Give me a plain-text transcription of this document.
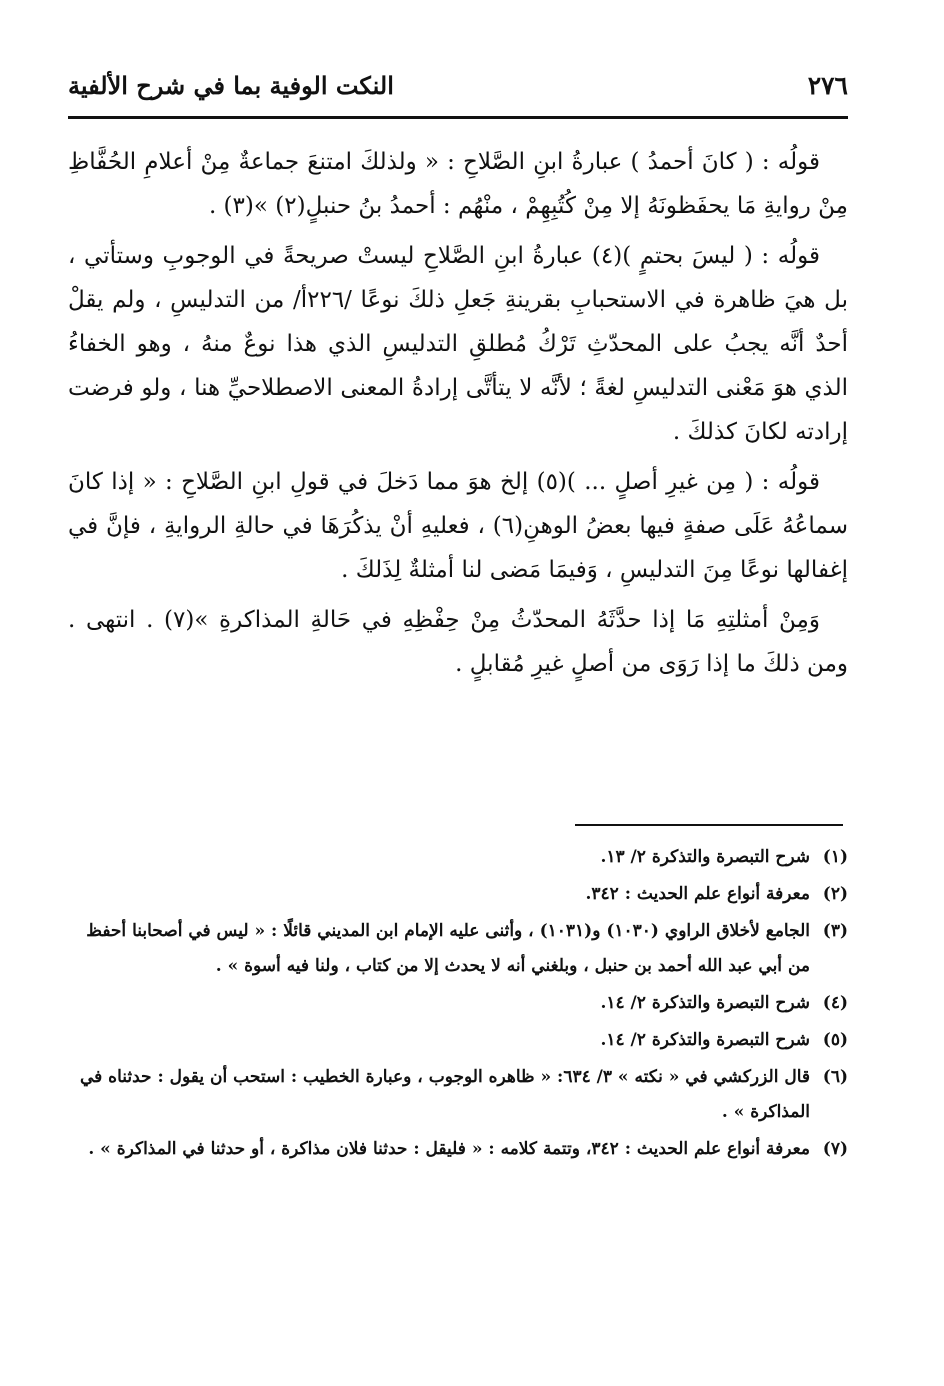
٢٧٦
النكت الوفية بما في شرح الألفية

قولُه : ( كانَ أحمدُ ) عبارةُ ابنِ الصَّلاحِ : « ولذلكَ امتنعَ جماعةٌ مِنْ أعلامِ الحُفَّاظِ مِنْ روايةِ مَا يحفَظونَهُ إلا مِنْ كُتُبِهِمْ ، منْهُم : أحمدُ بنُ حنبلٍ(٢) »(٣) .

قولُه : ( ليسَ بحتمٍ )(٤) عبارةُ ابنِ الصَّلاحِ ليستْ صريحةً في الوجوبِ وستأتي ، بل هيَ ظاهرة في الاستحبابِ بقرينةِ جَعلِ ذلكَ نوعًا /٢٢٦أ/ من التدليسِ ، ولم يقلْ أحدٌ أنَّه يجبُ على المحدّثِ تَرْكُ مُطلقِ التدليسِ الذي هذا نوعٌ منهُ ، وهو الخفاءُ الذي هوَ مَعْنى التدليسِ لغةً ؛ لأنَّه لا يتأتَّى إرادةُ المعنى الاصطلاحيِّ هنا ، ولو فرضت إرادته لكانَ كذلكَ .

قولُه : ( مِن غيرِ أصلٍ ... )(٥) إلخ هوَ مما دَخلَ في قولِ ابنِ الصَّلاحِ : « إذا كانَ سماعُهُ عَلَى صفةٍ فيها بعضُ الوهنِ(٦) ، فعليهِ أنْ يذكُرَهَا في حالةِ الروايةِ ، فإنَّ في إغفالها نوعًا مِنَ التدليسِ ، وَفيمَا مَضى لنا أمثلةٌ لِذَلكَ .

وَمِنْ أمثلتِهِ مَا إذا حدَّثَهُ المحدّثُ مِنْ حِفْظِهِ في حَالةِ المذاكرةِ »(٧) . انتهى . ومن ذلكَ ما إذا رَوَى من أصلٍ غيرِ مُقابلٍ .

(١)شرح التبصرة والتذكرة ٢/ ١٣.

(٢)معرفة أنواع علم الحديث : ٣٤٢.

(٣)الجامع لأخلاق الراوي (١٠٣٠) و(١٠٣١) ، وأثنى عليه الإمام ابن المديني قائلًا : « ليس في أصحابنا أحفظ من أبي عبد الله أحمد بن حنبل ، وبلغني أنه لا يحدث إلا من كتاب ، ولنا فيه أسوة » .

(٤)شرح التبصرة والتذكرة ٢/ ١٤.

(٥)شرح التبصرة والتذكرة ٢/ ١٤.

(٦)قال الزركشي في « نكته » ٣/ ٦٣٤: « ظاهره الوجوب ، وعبارة الخطيب : استحب أن يقول : حدثناه في المذاكرة » .

(٧)معرفة أنواع علم الحديث : ٣٤٢، وتتمة كلامه : « فليقل : حدثنا فلان مذاكرة ، أو حدثنا في المذاكرة » .
